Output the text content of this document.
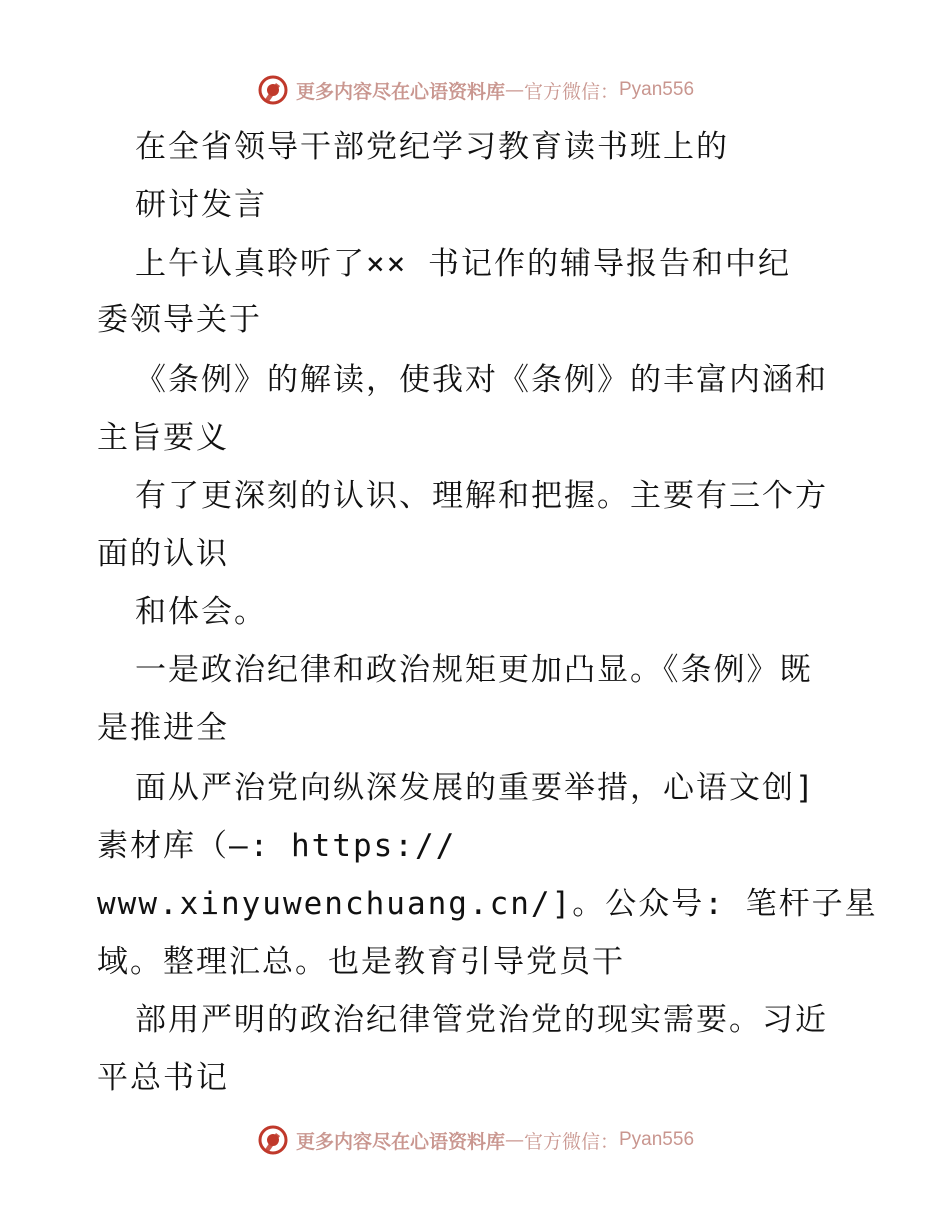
更多内容尽在心语资料库 — 官方微信： Pyan556
在全省领导干部党纪学习教育读书班上的
研讨发言
上午认真聆听了×× 书记作的辅导报告和中纪
委领导关于
《条例》的解读，使我对《条例》的丰富内涵和
主旨要义
有了更深刻的认识、理解和把握。主要有三个方
面的认识
和体会。
一是政治纪律和政治规矩更加凸显。《条例》既
是推进全
面从严治党向纵深发展的重要举措，心语文创]
素材库（—: https://
www.xinyuwenchuang.cn/]。公众号: 笔杆子星
域。整理汇总。也是教育引导党员干
部用严明的政治纪律管党治党的现实需要。习近
平总书记
更多内容尽在心语资料库 — 官方微信： Pyan556
